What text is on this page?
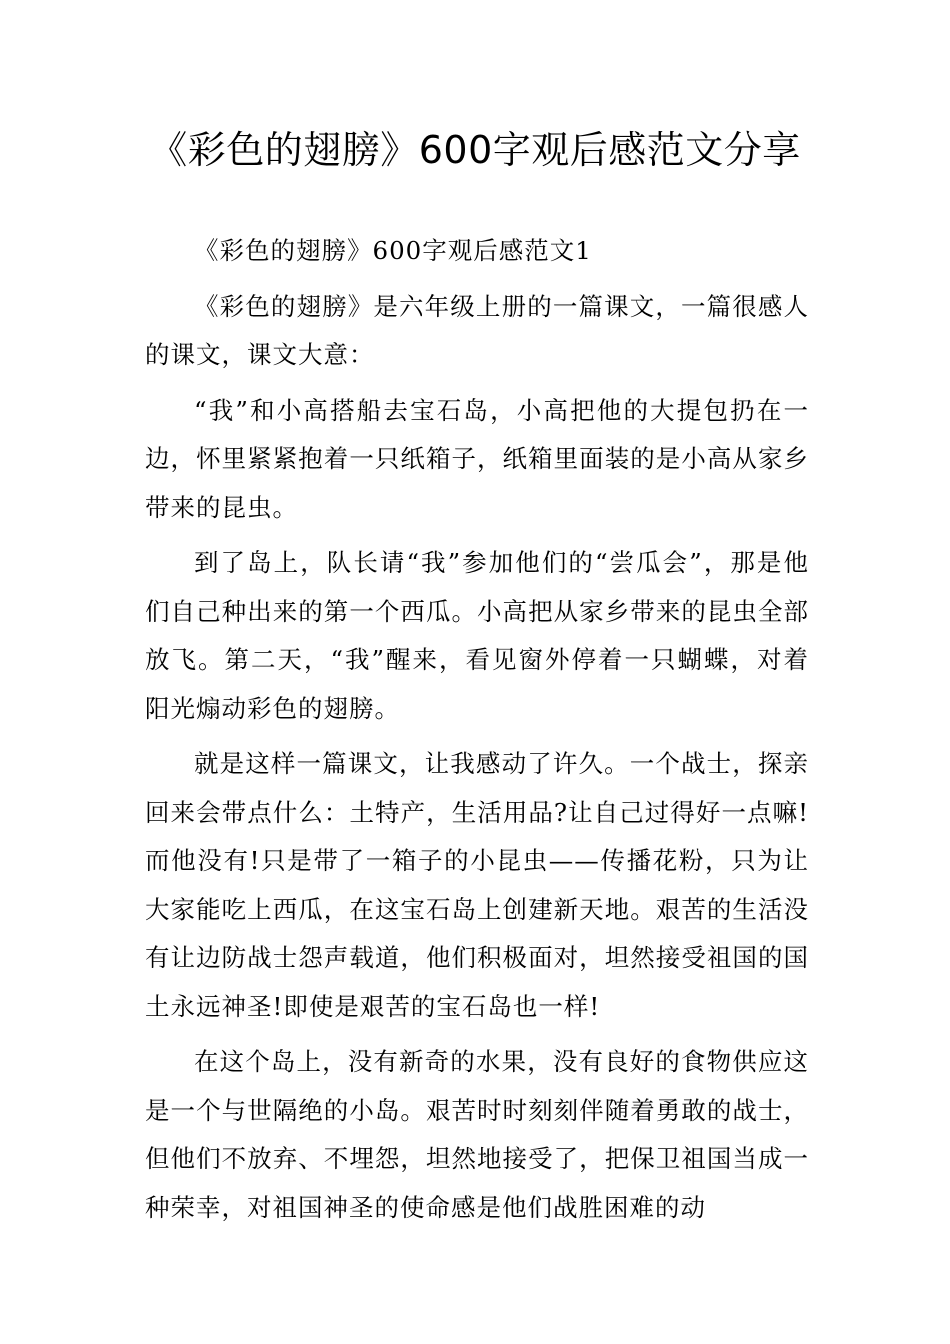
《彩色的翅膀》600字观后感范文分享

《彩色的翅膀》600字观后感范文1

《彩色的翅膀》是六年级上册的一篇课文，一篇很感人的课文，课文大意：

“我”和小高搭船去宝石岛，小高把他的大提包扔在一边，怀里紧紧抱着一只纸箱子，纸箱里面装的是小高从家乡带来的昆虫。

到了岛上，队长请“我”参加他们的“尝瓜会”，那是他们自己种出来的第一个西瓜。小高把从家乡带来的昆虫全部放飞。第二天，“我”醒来，看见窗外停着一只蝴蝶，对着阳光煽动彩色的翅膀。

就是这样一篇课文，让我感动了许久。一个战士，探亲回来会带点什么：土特产，生活用品?让自己过得好一点嘛!而他没有!只是带了一箱子的小昆虫——传播花粉，只为让大家能吃上西瓜，在这宝石岛上创建新天地。艰苦的生活没有让边防战士怨声载道，他们积极面对，坦然接受祖国的国土永远神圣!即使是艰苦的宝石岛也一样!

在这个岛上，没有新奇的水果，没有良好的食物供应这是一个与世隔绝的小岛。艰苦时时刻刻伴随着勇敢的战士，但他们不放弃、不埋怨，坦然地接受了，把保卫祖国当成一种荣幸，对祖国神圣的使命感是他们战胜困难的动
